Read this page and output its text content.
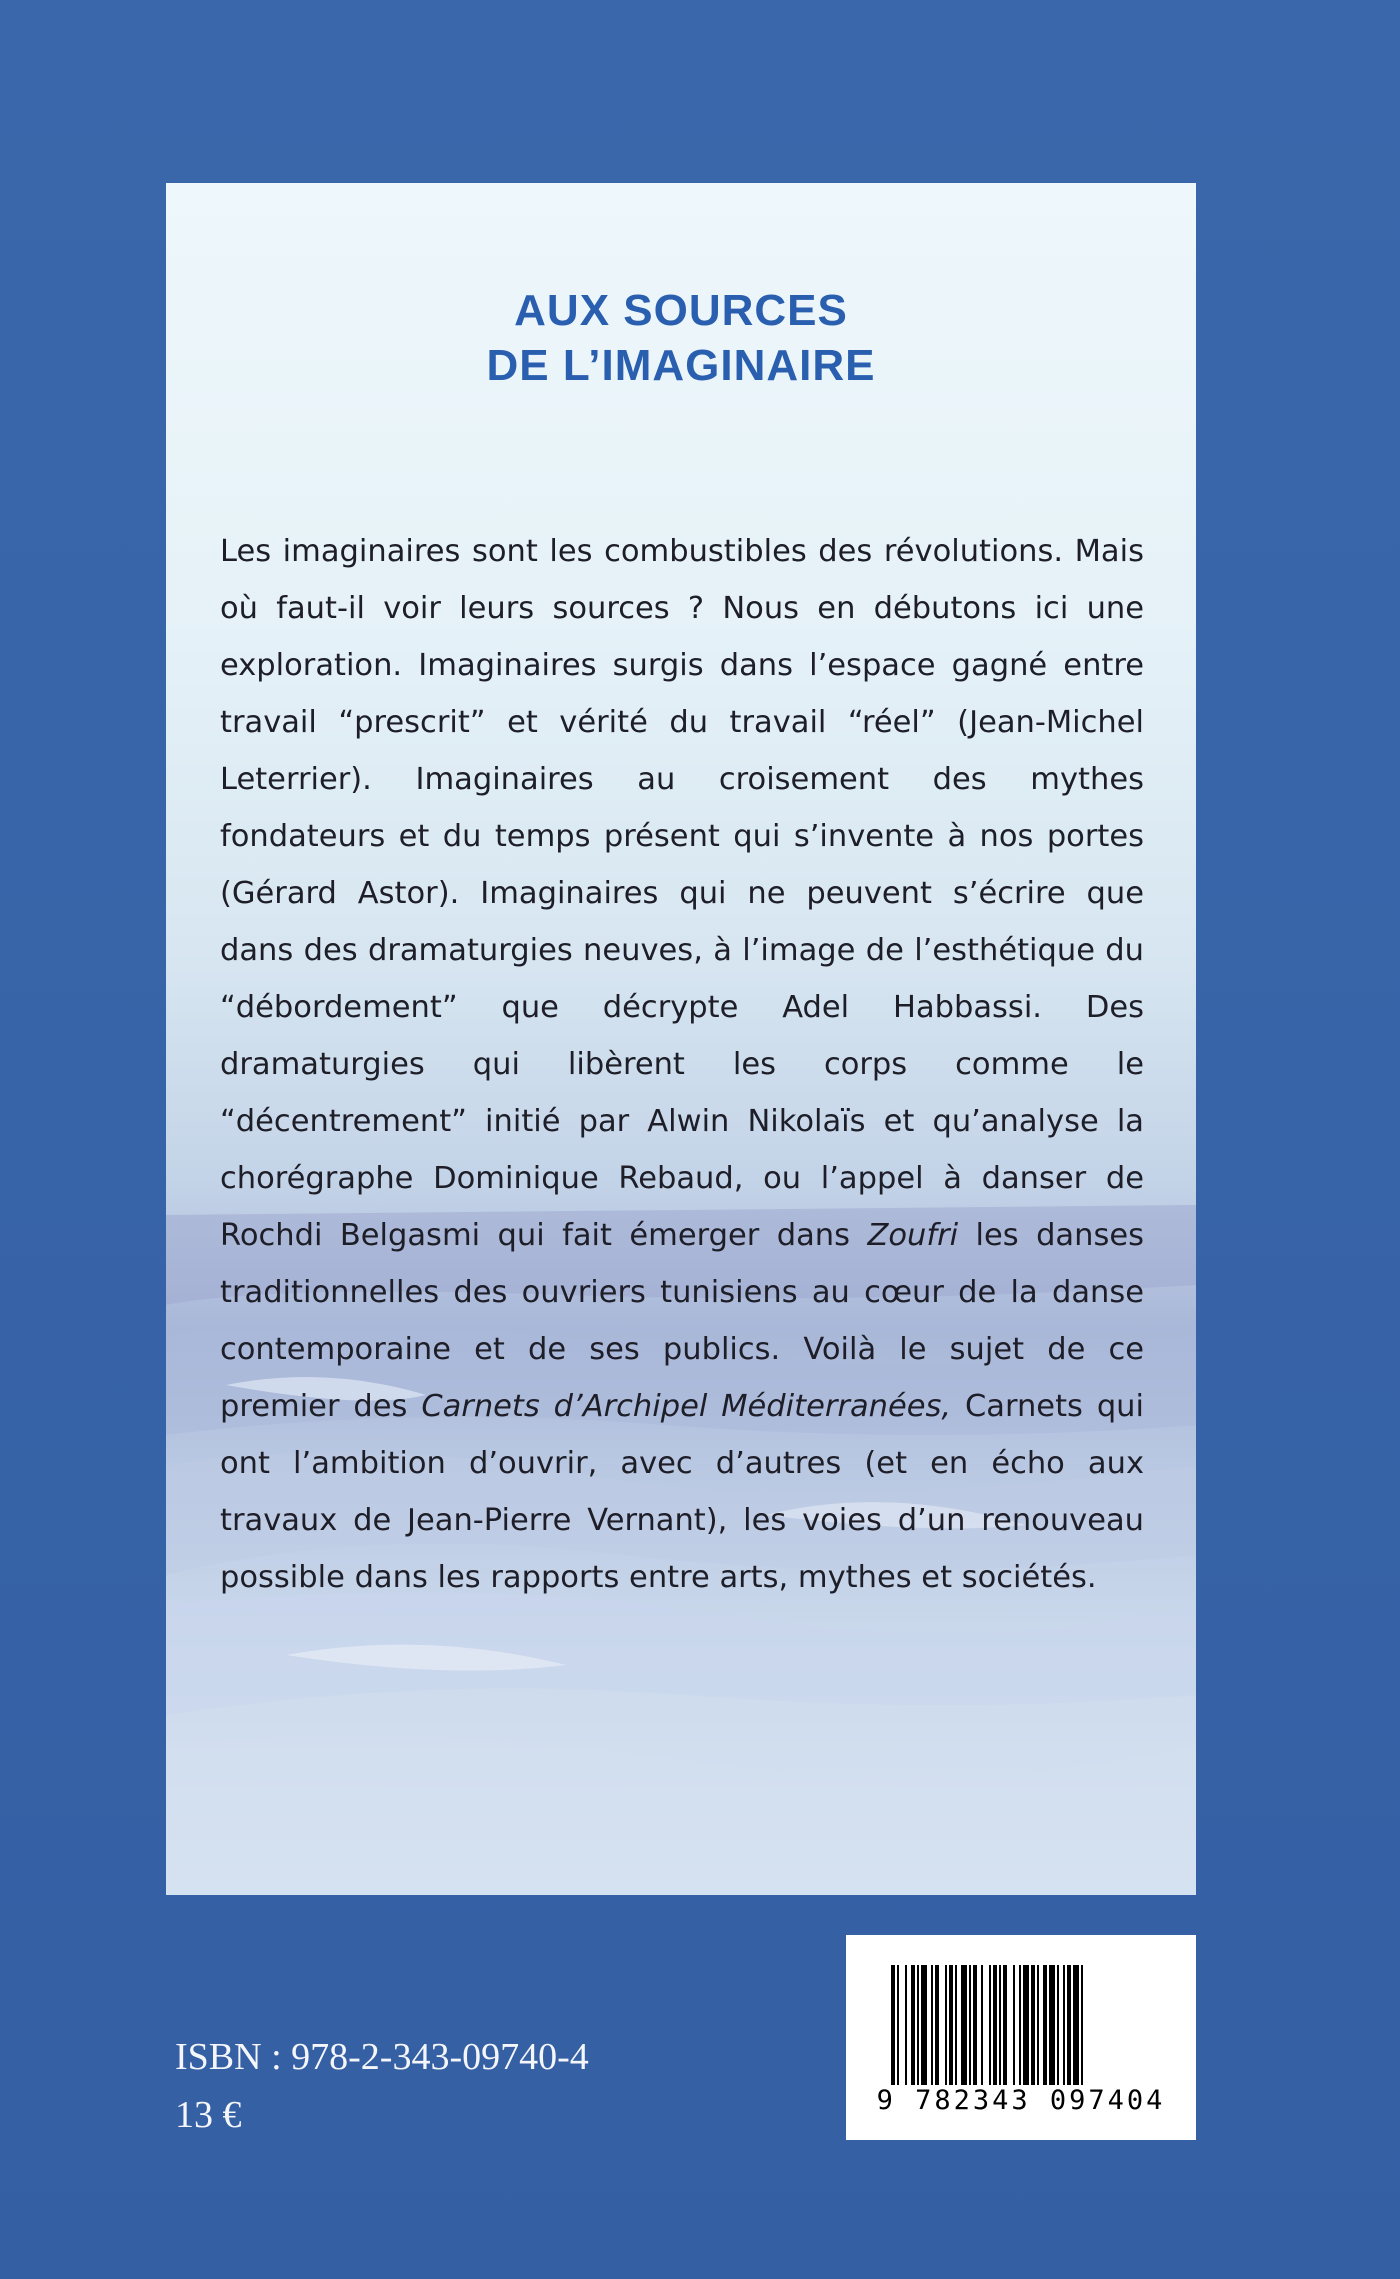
AUX SOURCES
DE L’IMAGINAIRE
Les imaginaires sont les combustibles des révolutions. Mais où faut-il voir leurs sources ? Nous en débutons ici une exploration. Imaginaires surgis dans l’espace gagné entre travail “prescrit” et vérité du travail “réel” (Jean-Michel Leterrier). Imaginaires au croisement des mythes fondateurs et du temps présent qui s’invente à nos portes (Gérard Astor). Imaginaires qui ne peuvent s’écrire que dans des dramaturgies neuves, à l’image de l’esthétique du “débordement” que décrypte Adel Habbassi. Des dramaturgies qui libèrent les corps comme le “décentrement” initié par Alwin Nikolaïs et qu’analyse la chorégraphe Dominique Rebaud, ou l’appel à danser de Rochdi Belgasmi qui fait émerger dans Zoufri les danses traditionnelles des ouvriers tunisiens au cœur de la danse contemporaine et de ses publics. Voilà le sujet de ce premier des Carnets d’Archipel Méditerranées, Carnets qui ont l’ambition d’ouvrir, avec d’autres (et en écho aux travaux de Jean-Pierre Vernant), les voies d’un renouveau possible dans les rapports entre arts, mythes et sociétés.
ISBN : 978-2-343-09740-4
13 €	9 782343 097404
